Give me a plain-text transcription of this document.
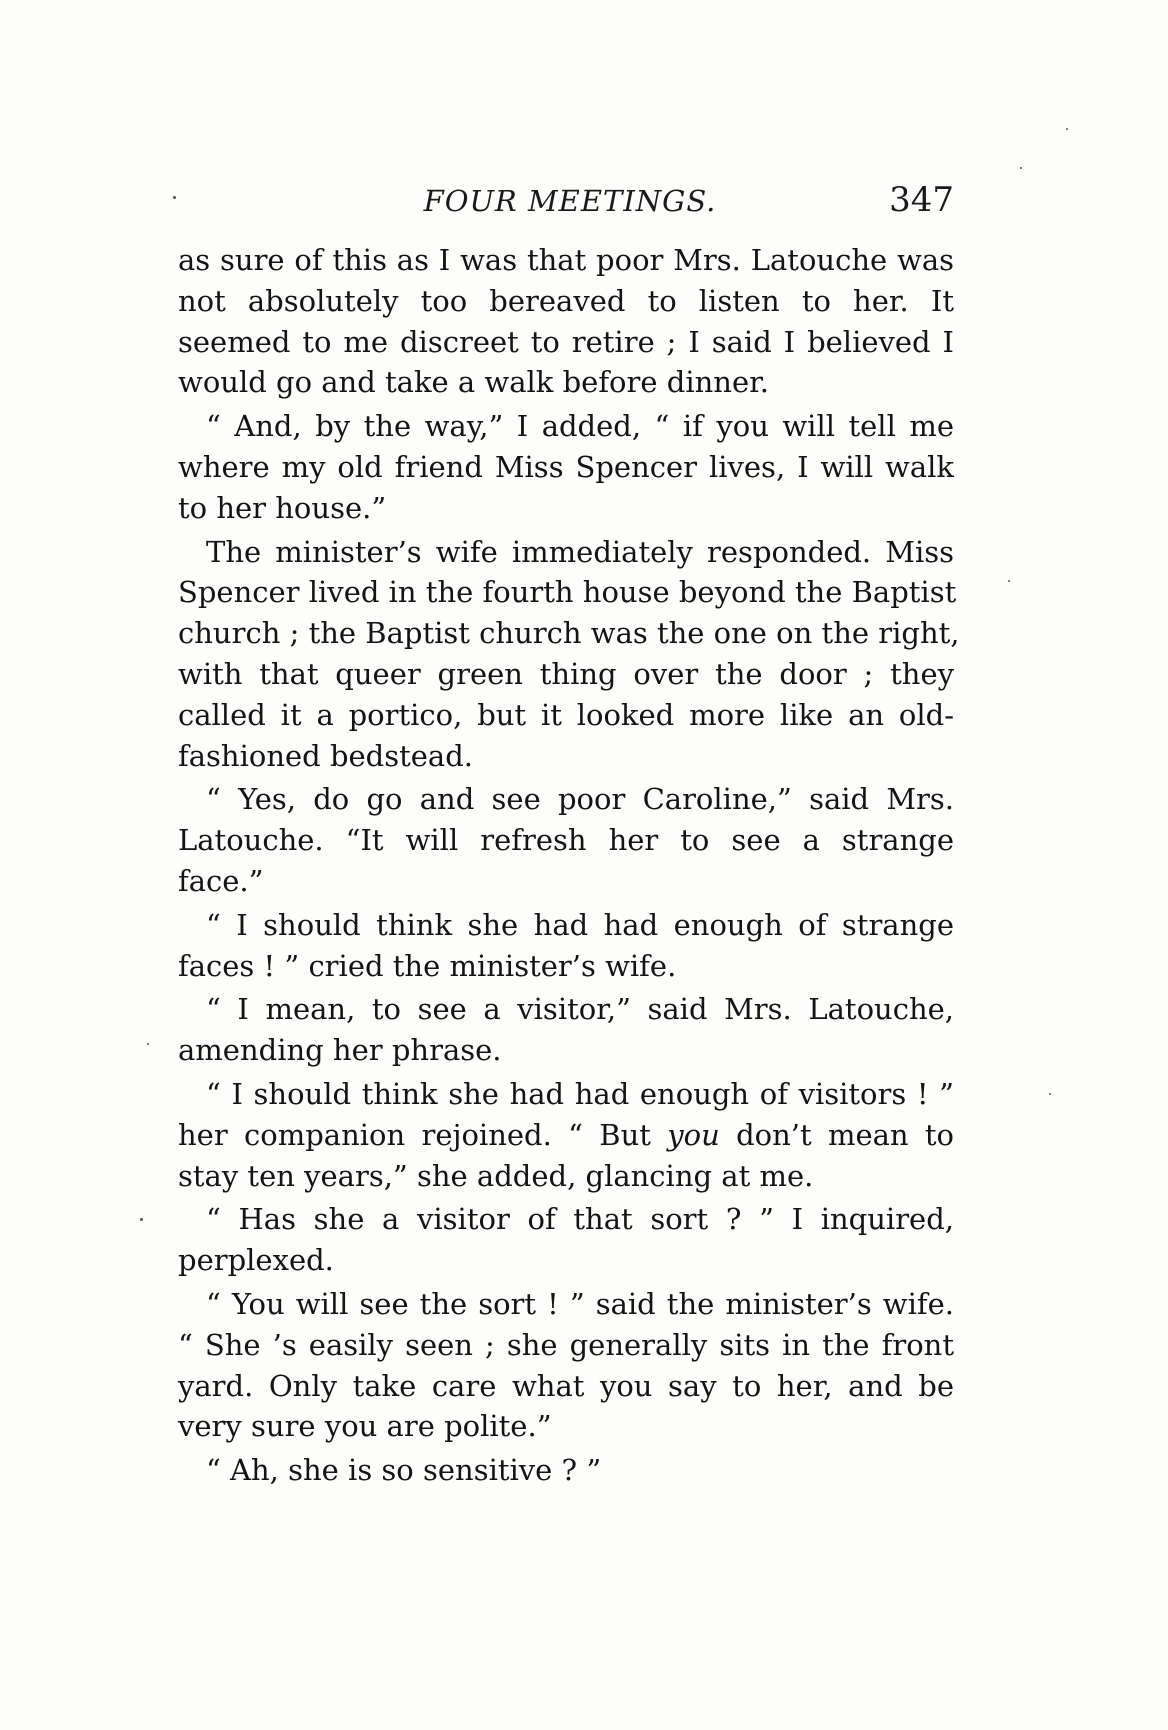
FOUR MEETINGS.	347

as sure of this as I was that poor Mrs. Latouche was

not absolutely too bereaved to listen to her. It

seemed to me discreet to retire ; I said I believed I

would go and take a walk before dinner.

“ And, by the way,” I added, “ if you will tell me

where my old friend Miss Spencer lives, I will walk

to her house.”

The minister’s wife immediately responded. Miss

Spencer lived in the fourth house beyond the Baptist

church ; the Baptist church was the one on the right,

with that queer green thing over the door ; they

called it a portico, but it looked more like an old-

fashioned bedstead.

“ Yes, do go and see poor Caroline,” said Mrs.

Latouche. “It will refresh her to see a strange

face.”

“ I should think she had had enough of strange

faces ! ” cried the minister’s wife.

“ I mean, to see a visitor,” said Mrs. Latouche,

amending her phrase.

“ I should think she had had enough of visitors ! ”

her companion rejoined. “ But you don’t mean to

stay ten years,” she added, glancing at me.

“ Has she a visitor of that sort ? ” I inquired,

perplexed.

“ You will see the sort ! ” said the minister’s wife.

“ She ’s easily seen ; she generally sits in the front

yard. Only take care what you say to her, and be

very sure you are polite.”

“ Ah, she is so sensitive ? ”
